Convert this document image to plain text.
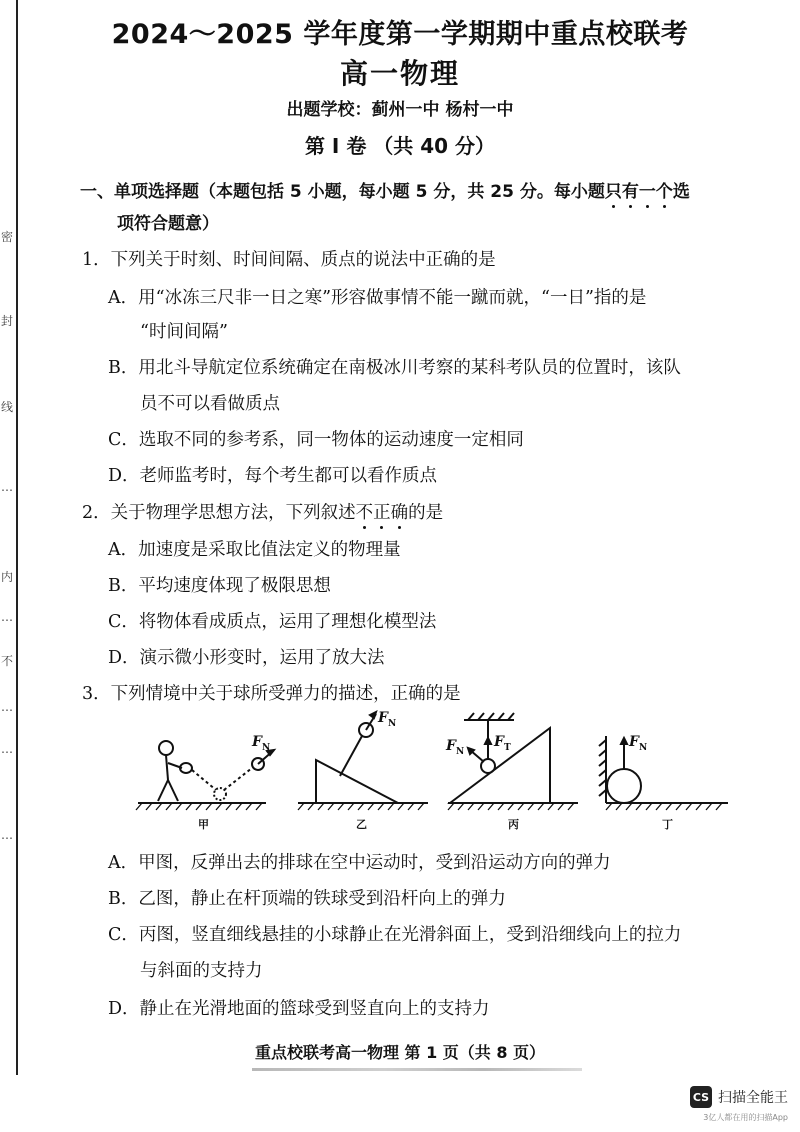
密
封
线
…
内
不
…
…
…
…
2024～2025 学年度第一学期期中重点校联考
高一物理
出题学校：蓟州一中 杨村一中
第 Ⅰ 卷 （共 40 分）
一、单项选择题（本题包括 5 小题，每小题 5 分，共 25 分。每小题只有一个选
项符合题意）
1．下列关于时刻、时间间隔、质点的说法中正确的是
A．用“冰冻三尺非一日之寒”形容做事情不能一蹴而就，“一日”指的是
“时间间隔”
B．用北斗导航定位系统确定在南极冰川考察的某科考队员的位置时，该队
员不可以看做质点
C．选取不同的参考系，同一物体的运动速度一定相同
D．老师监考时，每个考生都可以看作质点
2．关于物理学思想方法，下列叙述不正确的是
A．加速度是采取比值法定义的物理量
B．平均速度体现了极限思想
C．将物体看成质点，运用了理想化模型法
D．演示微小形变时，运用了放大法
3．下列情境中关于球所受弹力的描述，正确的是
$F_N$
$F_N$
$F_N$
$F_T$	$F_N$
甲	乙	丙	丁
A．甲图，反弹出去的排球在空中运动时，受到沿运动方向的弹力
B．乙图，静止在杆顶端的铁球受到沿杆向上的弹力
C．丙图，竖直细线悬挂的小球静止在光滑斜面上，受到沿细线向上的拉力
与斜面的支持力
D．静止在光滑地面的篮球受到竖直向上的支持力
重点校联考高一物理 第 1 页（共 8 页）
CS 扫描全能王
3亿人都在用的扫描App
